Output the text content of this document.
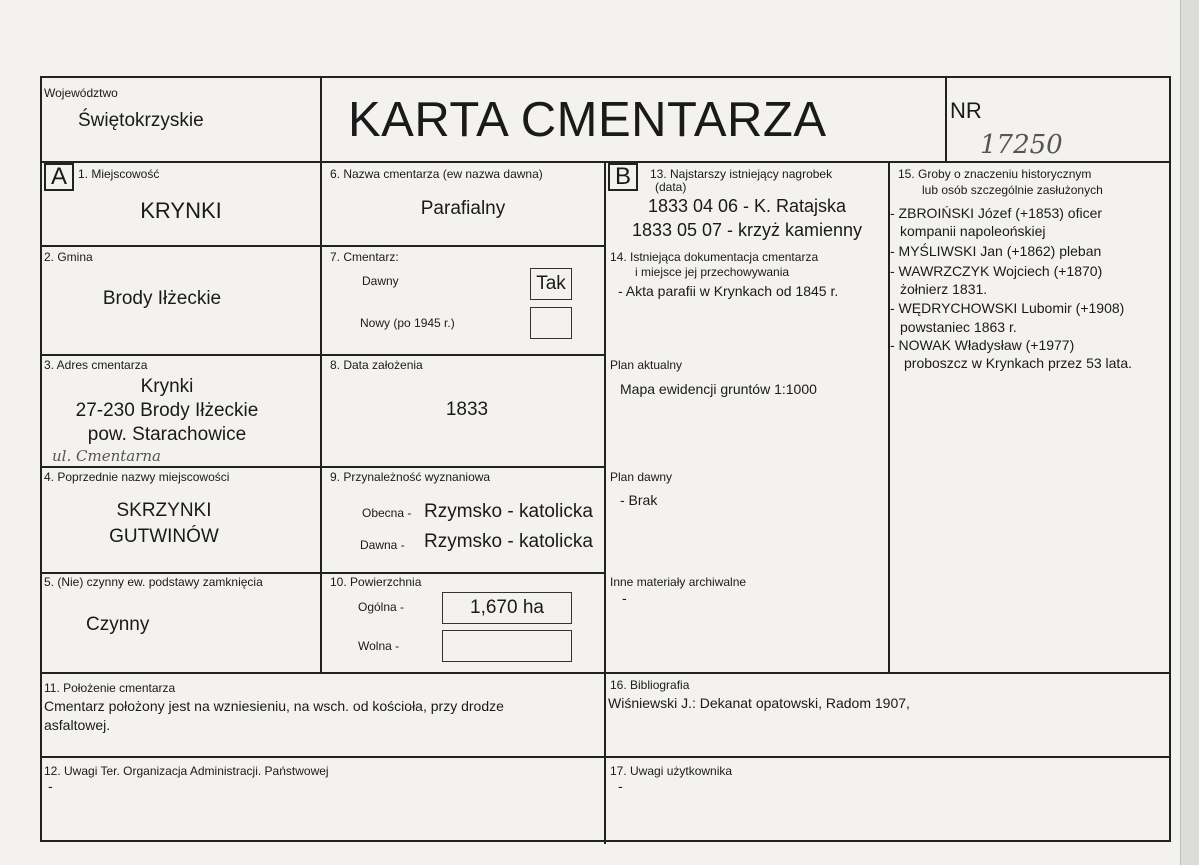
Województwo
Świętokrzyskie	KARTA CMENTARZA	NR
17250
A 1. Miejscowość
KRYNKI
2. Gmina
Brody Iłżeckie
3. Adres cmentarza
Krynki
27-230 Brody Iłżeckie
pow. Starachowice
ul. Cmentarna
4. Poprzednie nazwy miejscowości
SKRZYNKI
GUTWINÓW
5. (Nie) czynny ew. podstawy zamknięcia
Czynny
6. Nazwa cmentarza (ew nazwa dawna)
Parafialny
7. Cmentarz:
Dawny	Tak
Nowy (po 1945 r.)
8. Data założenia
1833
9. Przynależność wyznaniowa
Obecna - Rzymsko - katolicka
Dawna - Rzymsko - katolicka
10. Powierzchnia
Ogólna -	1,670 ha
Wolna -
B	13. Najstarszy istniejący nagrobek
(data)
1833 04 06 - K. Ratajska
1833 05 07 - krzyż kamienny
14. Istniejąca dokumentacja cmentarza
i miejsce jej przechowywania
- Akta parafii w Krynkach od 1845 r.
Plan aktualny
Mapa ewidencji gruntów 1:1000
Plan dawny
- Brak
Inne materiały archiwalne
-
15. Groby o znaczeniu historycznym
lub osób szczególnie zasłużonych
- ZBROIŃSKI Józef (+1853) oficer
kompanii napoleońskiej
- MYŚLIWSKI Jan (+1862) pleban
- WAWRZCZYK Wojciech (+1870)
żołnierz 1831.
- WĘDRYCHOWSKI Lubomir (+1908)
powstaniec 1863 r.
- NOWAK Władysław (+1977)
proboszcz w Krynkach przez 53 lata.
11. Położenie cmentarza
Cmentarz położony jest na wzniesieniu, na wsch. od kościoła, przy drodze
asfaltowej.
16. Bibliografia
Wiśniewski J.: Dekanat opatowski, Radom 1907,
12. Uwagi Ter. Organizacja Administracji. Państwowej
-
17. Uwagi użytkownika
-
